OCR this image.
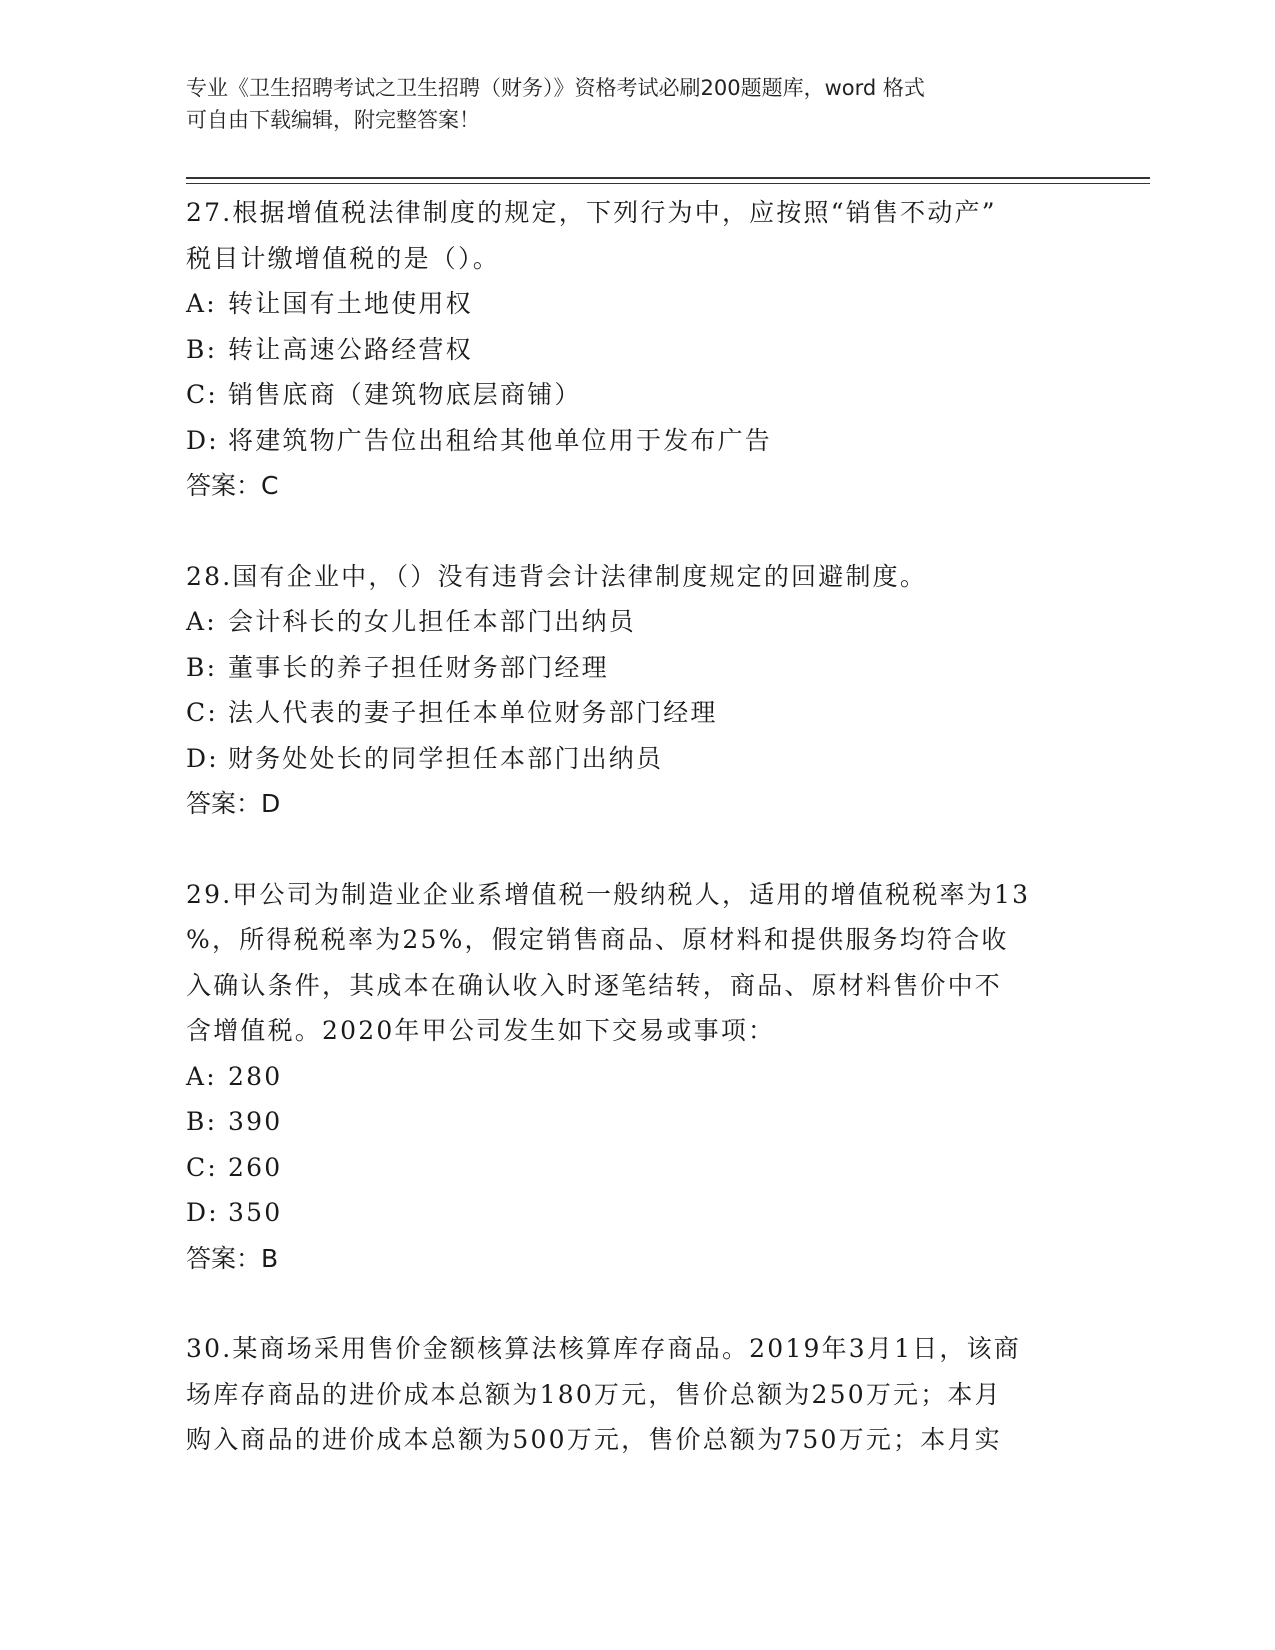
专业《卫生招聘考试之卫生招聘（财务）》资格考试必刷200题题库，word 格式
可自由下载编辑，附完整答案！

27.根据增值税法律制度的规定，下列行为中，应按照“销售不动产”

税目计缴增值税的是（）。

A: 转让国有土地使用权

B: 转让高速公路经营权

C: 销售底商（建筑物底层商铺）

D: 将建筑物广告位出租给其他单位用于发布广告

答案：C

28.国有企业中，（）没有违背会计法律制度规定的回避制度。

A: 会计科长的女儿担任本部门出纳员

B: 董事长的养子担任财务部门经理

C: 法人代表的妻子担任本单位财务部门经理

D: 财务处处长的同学担任本部门出纳员

答案：D

29.甲公司为制造业企业系增值税一般纳税人，适用的增值税税率为13

%，所得税税率为25%，假定销售商品、原材料和提供服务均符合收

入确认条件，其成本在确认收入时逐笔结转，商品、原材料售价中不

含增值税。2020年甲公司发生如下交易或事项：

A: 280

B: 390

C: 260

D: 350

答案：B

30.某商场采用售价金额核算法核算库存商品。2019年3月1日，该商

场库存商品的进价成本总额为180万元，售价总额为250万元；本月

购入商品的进价成本总额为500万元，售价总额为750万元；本月实
